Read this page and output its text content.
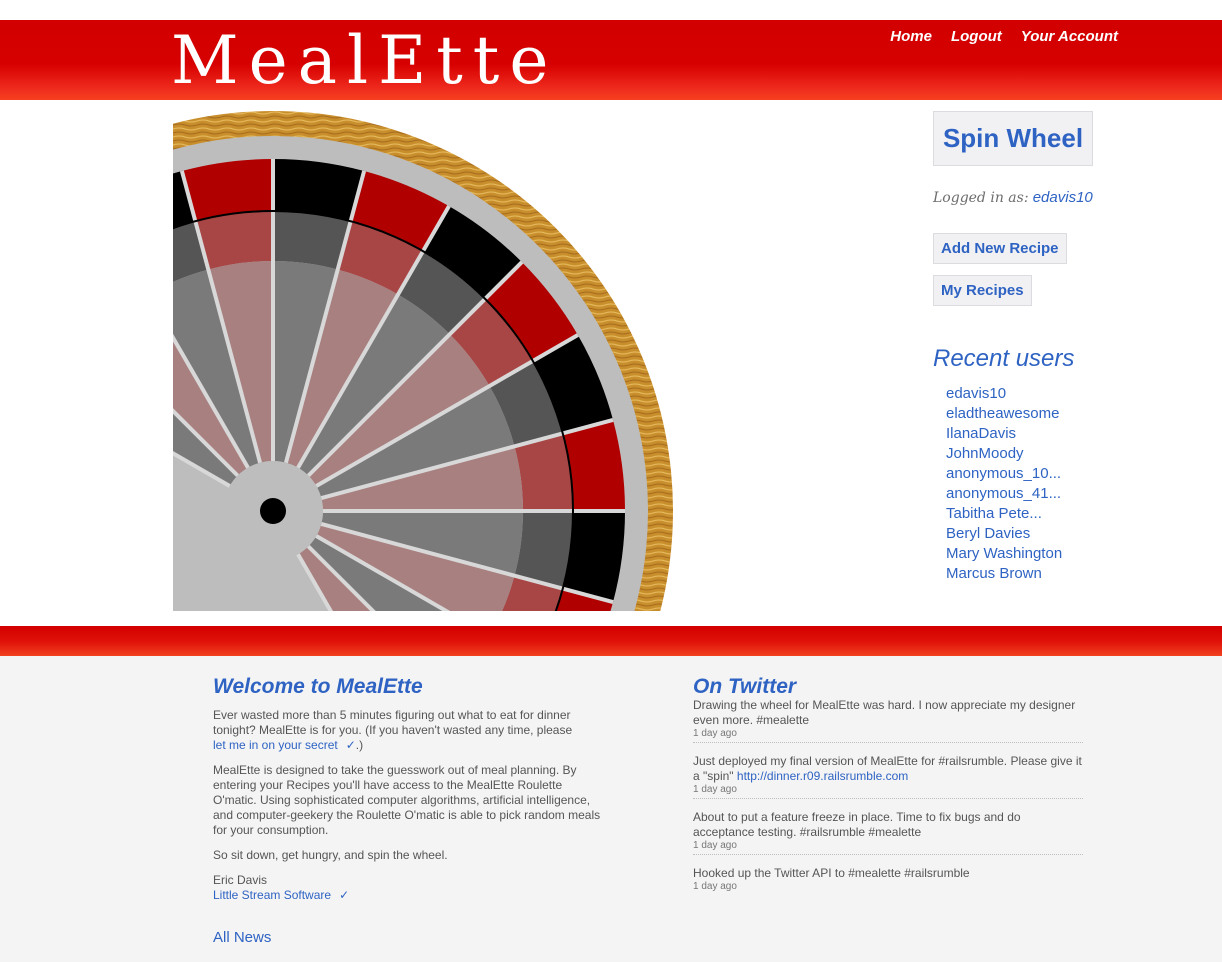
MealEtte	Home Logout Your Account
Spin Wheel
Logged in as: edavis10
Add New Recipe
My Recipes
Recent users
edavis10
eladtheawesome
IlanaDavis
JohnMoody
anonymous_10...
anonymous_41...
Tabitha Pete...
Beryl Davies
Mary Washington
Marcus Brown
Welcome to MealEtte

Ever wasted more than 5 minutes figuring out what to eat for dinner tonight? MealEtte is for you. (If you haven't wasted any time, please
let me in on your secret ✓.)

MealEtte is designed to take the guesswork out of meal planning. By entering your Recipes you'll have access to the MealEtte Roulette O'matic. Using sophisticated computer algorithms, artificial intelligence, and computer-geekery the Roulette O'matic is able to pick random meals for your consumption.

So sit down, get hungry, and spin the wheel.

Eric Davis
Little Stream Software ✓

All News
On Twitter
Drawing the wheel for MealEtte was hard. I now appreciate my designer even more. #mealette
1 day ago
Just deployed my final version of MealEtte for #railsrumble. Please give it a "spin" http://dinner.r09.railsrumble.com
1 day ago
About to put a feature freeze in place. Time to fix bugs and do acceptance testing. #railsrumble #mealette
1 day ago
Hooked up the Twitter API to #mealette #railsrumble
1 day ago
